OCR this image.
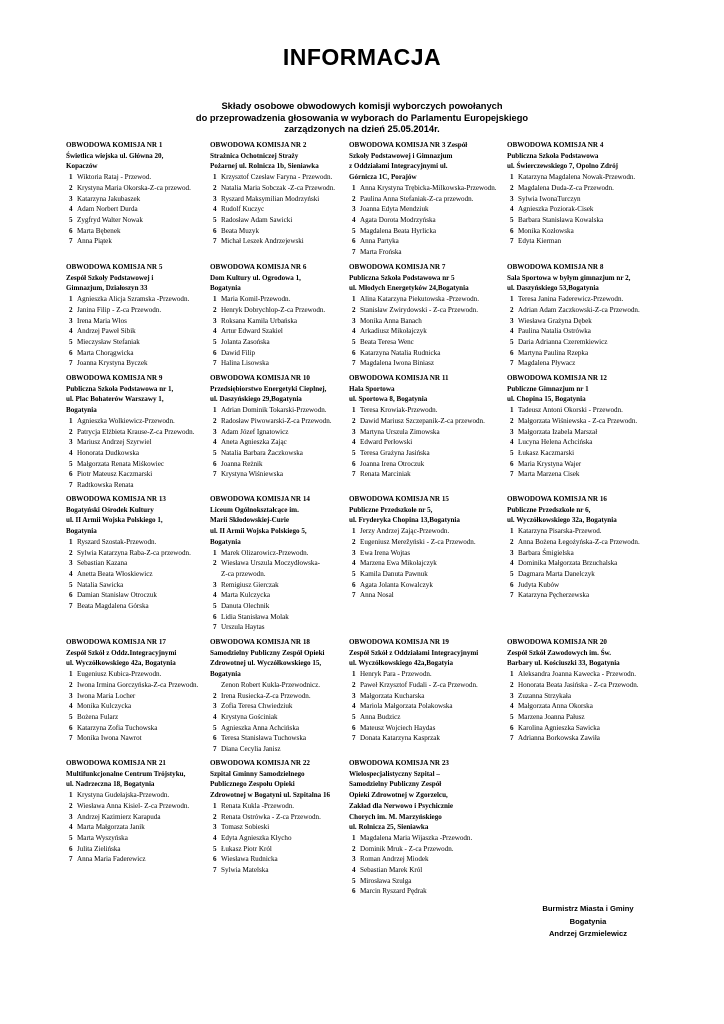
INFORMACJA
Składy osobowe obwodowych komisji wyborczych powołanych
do przeprowadzenia głosowania w wyborach do Parlamentu Europejskiego
zarządzonych na dzień 25.05.2014r.
OBWODOWA KOMISJA NR 1
Świetlica wiejska ul. Główna 20,
Kopaczów
1 Wiktoria Rataj - Przewod.
2 Krystyna Maria Okorska-Z-ca przewod.
3 Katarzyna Jakubaszek
4 Adam Norbert Durda
5 Zygfryd Walter Nowak
6 Marta Bębenek
7 Anna Piątek
OBWODOWA KOMISJA NR 2
Strażnica Ochotniczej Straży
Pożarnej ul. Rolnicza 1b, Sieniawka
1 Krzysztof Czesław Faryna - Przewodn.
2 Natalia Maria Sobczak -Z-ca Przewodn.
3 Ryszard Maksymilian Modrzyński
4 Rudolf Kuczyc
5 Radosław Adam Sawicki
6 Beata Muzyk
7 Michał Leszek Andrzejewski
OBWODOWA KOMISJA NR 3 Zespół
Szkoły Podstawowej i Gimnazjum
z Oddziałami Integracyjnymi ul.
Górnicza 1C, Porajów
1 Anna Krystyna Trębicka-Milkowska-Przewodn.
2 Paulina Anna Stefaniak-Z-ca przewodn.
3 Joanna Edyta Mendziuk
4 Agata Dorota Modrzyńska
5 Magdalena Beata Hyrlicka
6 Anna Partyka
7 Marta Frońska
OBWODOWA KOMISJA NR 4
Publiczna Szkoła Podstawowa
ul. Świerczewskiego 7, Opolno Zdrój
1 Katarzyna Magdalena Nowak-Przewodn.
2 Magdalena Duda-Z-ca Przewodn.
3 Sylwia IwonaTurczyn
4 Agnieszka Poziorak-Cisek
5 Barbara Stanisława Kowalska
6 Monika Kozłowska
7 Edyta Kierman
OBWODOWA KOMISJA NR 5
Zespół Szkoły Podstawowej i
Gimnazjum, Działoszyn 33
1 Agnieszka Alicja Szramska -Przewodn.
2 Janina Filip - Z-ca Przewodn.
3 Irena Maria Włos
4 Andrzej Paweł Sibik
5 Mieczysław Stefaniak
6 Marta Chorągwicka
7 Joanna Krystyna Byczek
OBWODOWA KOMISJA NR 6
Dom Kultury ul. Ogrodowa 1,
Bogatynia
1 Maria Komil-Przewodn.
2 Henryk Dobrychlop-Z-ca Przewodn.
3 Roksana Kamila Urbańska
4 Artur Edward Szakiel
5 Jolanta Zasońska
6 Dawid Filip
7 Halina Lisowska
OBWODOWA KOMISJA NR 7
Publiczna Szkoła Podstawowa nr 5
ul. Młodych Energetyków 24,Bogatynia
1 Alina Katarzyna Piekutowska -Przewodn.
2 Stanisław Zwirydowski - Z-ca Przewodn.
3 Monika Anna Banach
4 Arkadiusz Mikołajczyk
5 Beata Teresa Wenc
6 Katarzyna Natalia Rudnicka
7 Magdalena Iwona Biniasz
OBWODOWA KOMISJA NR 8
Sala Sportowa w byłym gimnazjum nr 2,
ul. Daszyńskiego 53,Bogatynia
1 Teresa Janina Faderewicz-Przewodn.
2 Adrian Adam Zaczkowski-Z-ca Przewodn.
3 Wiesława Grażyna Dębek
4 Paulina Natalia Ostrówka
5 Daria Adrianna Czeremkiewicz
6 Martyna Paulina Rzepka
7 Magdalena Pływacz
OBWODOWA KOMISJA NR 9
Publiczna Szkoła Podstawowa nr 1,
ul. Plac Bohaterów Warszawy 1,
Bogatynia
1 Agnieszka Wolkiewicz-Przewodn.
2 Patrycja Elżbieta Krause-Z-ca Przewodn.
3 Mariusz Andrzej Szyrwiel
4 Honorata Dudkowska
5 Małgorzata Renata Miśkowiec
6 Piotr Mateusz Kaczmarski
7 Radtkowska Renata
OBWODOWA KOMISJA NR 10
Przedsiębiorstwo Energetyki Cieplnej,
ul. Daszyńskiego 29,Bogatynia
1 Adrian Dominik Tokarski-Przewodn.
2 Radosław Piwowarski-Z-ca Przewodn.
3 Adam Józef Ignatowicz
4 Aneta Agnieszka Zając
5 Natalia Barbara Żaczkowska
6 Joanna Reżnik
7 Krystyna Wiśniewska
OBWODOWA KOMISJA NR 11
Hala Sportowa
ul. Sportowa 8, Bogatynia
1 Teresa Krowiak-Przewodn.
2 Dawid Mariusz Szczepanik-Z-ca przewodn.
3 Martyna Urszula Zimowska
4 Edward Perłowski
5 Teresa Grażyna Jasińska
6 Joanna Irena Otroczuk
7 Renata Marciniak
OBWODOWA KOMISJA NR 12
Publiczne Gimnazjum nr 1
ul. Chopina 15, Bogatynia
1 Tadeusz Antoni Okorski - Przewodn.
2 Małgorzata Wiśniewska - Z-ca Przewodn.
3 Małgorzata Izabela Marszał
4 Lucyna Helena Achcińska
5 Łukasz Kaczmarski
6 Maria Krystyna Wajer
7 Marta Marzena Cisek
OBWODOWA KOMISJA NR 13
Bogatyński Ośrodek Kultury
ul. II Armii Wojska Polskiego 1,
Bogatynia
1 Ryszard Szostak-Przewodn.
2 Sylwia Katarzyna Raba-Z-ca przewodn.
3 Sebastian Kazana
4 Anetta Beata Włoskiewicz
5 Natalia Sawicka
6 Damian Stanisław Otroczuk
7 Beata Magdalena Górska
OBWODOWA KOMISJA NR 14
Liceum Ogólnokształcące im.
Marii Skłodowskiej-Curie
ul. II Armii Wojska Polskiego 5,
Bogatynia
1 Marek Olizarowicz-Przewodn.
2 Wiesława Urszula Moczydłowska-
Z-ca przewodn.
3 Remigiusz Gierczak
4 Marta Kulczycka
5 Danuta Olechnik
6 Lidia Stanisława Molak
7 Urszula Haytas
OBWODOWA KOMISJA NR 15
Publiczne Przedszkole nr 5,
ul. Fryderyka Chopina 13,Bogatynia
1 Jerzy Andrzej Zając-Przewodn.
2 Eugeniusz Merežyński - Z-ca Przewodn.
3 Ewa Irena Wojtas
4 Marzena Ewa Mikołajczyk
5 Kamila Danuta Pawnuk
6 Agata Jolanta Kowalczyk
7 Anna Nosal
OBWODOWA KOMISJA NR 16
Publiczne Przedszkole nr 6,
ul. Wyczółkowskiego 32a, Bogatynia
1 Katarzyna Pisarska-Przewod.
2 Anna Bożena Łegożyńska-Z-ca Przewodn.
3 Barbara Śmigielska
4 Dominika Małgorzata Brzuchalska
5 Dagmara Marta Danelczyk
6 Judyta Kubów
7 Katarzyna Pęcherzewska
OBWODOWA KOMISJA NR 17
Zespół Szkół z Oddz.Integracyjnymi
ul. Wyczółkowskiego 42a, Bogatynia
1 Eugeniusz Kubica-Przewodn.
2 Iwona Irmina Gorczyńska-Z-ca Przewodn.
3 Iwona Maria Locher
4 Monika Kulczycka
5 Bożena Fularz
6 Katarzyna Zofia Tuchowska
7 Monika Iwona Nawrot
OBWODOWA KOMISJA NR 18
Samodzielny Publiczny Zespół Opieki
Zdrowotnej ul. Wyczółkowskiego 15,
Bogatynia
Zenon Robert Kukla-Przewodnicz.
2 Irena Rusiecka-Z-ca Przewodn.
3 Zofia Teresa Chwiedziuk
4 Krystyna Gościniak
5 Agnieszka Anna Achcińska
6 Teresa Stanisława Tuchowska
7 Diana Cecylia Janisz
OBWODOWA KOMISJA NR 19
Zespół Szkół z Oddziałami Integracyjnymi
ul. Wyczółkowskiego 42a,Bogatyia
1 Henryk Para - Przewodn.
2 Paweł Krzysztof Fudali - Z-ca Przewodn.
3 Małgorzata Kucharska
4 Mariola Małgorzata Polakowska
5 Anna Budzicz
6 Mateusz Wojciech Haydas
7 Donata Katarzyna Kasprzak
OBWODOWA KOMISJA NR 20
Zespół Szkół Zawodowych im. Św.
Barbary ul. Kościuszki 33, Bogatynia
1 Aleksandra Joanna Kawecka - Przewodn.
2 Honorata Beata Jasińska - Z-ca Przewodn.
3 Zuzanna Strzykała
4 Małgorzata Anna Okorska
5 Marzena Joanna Pałusz
6 Karolina Agnieszka Sawicka
7 Adrianna Borkowska Zawiła
OBWODOWA KOMISJA NR 21
Multifunkcjonalne Centrum Trójstyku,
ul. Nadrzeczna 18, Bogatynia
1 Krystyna Gudełajska-Przewodn.
2 Wiesława Anna Kisiel- Z-ca Przewodn.
3 Andrzej Kazimierz Karapuda
4 Marta Małgorzata Janik
5 Marta Wyszyńska
6 Julita Zielińska
7 Anna Maria Faderewicz
OBWODOWA KOMISJA NR 22
Szpital Gminny Samodzielnego
Publicznego Zespołu Opieki
Zdrowotnej w Bogatyni ul. Szpitalna 16
1 Renata Kukla -Przewodn.
2 Renata Ostrówka - Z-ca Przewodn.
3 Tomasz Sobieski
4 Edyta Agnieszka Kłycho
5 Łukasz Piotr Król
6 Wiesława Rudnicka
7 Sylwia Matelska
OBWODOWA KOMISJA NR 23
Wielospecjalistyczny Szpital –
Samodzielny Publiczny Zespół
Opieki Zdrowotnej w Zgorzelcu,
Zakład dla Nerwowo i Psychicznie
Chorych im. M. Marzyńskiego
ul. Rolnicza 25, Sieniawka
1 Magdalena Maria Wijaszka -Przewodn.
2 Dominik Mruk - Z-ca Przewodn.
3 Roman Andrzej Miodek
4 Sebastian Marek Król
5 Mirosława Szulga
6 Marcin Ryszard Pędrak
Burmistrz Miasta i Gminy
Bogatynia
Andrzej Grzmielewicz
